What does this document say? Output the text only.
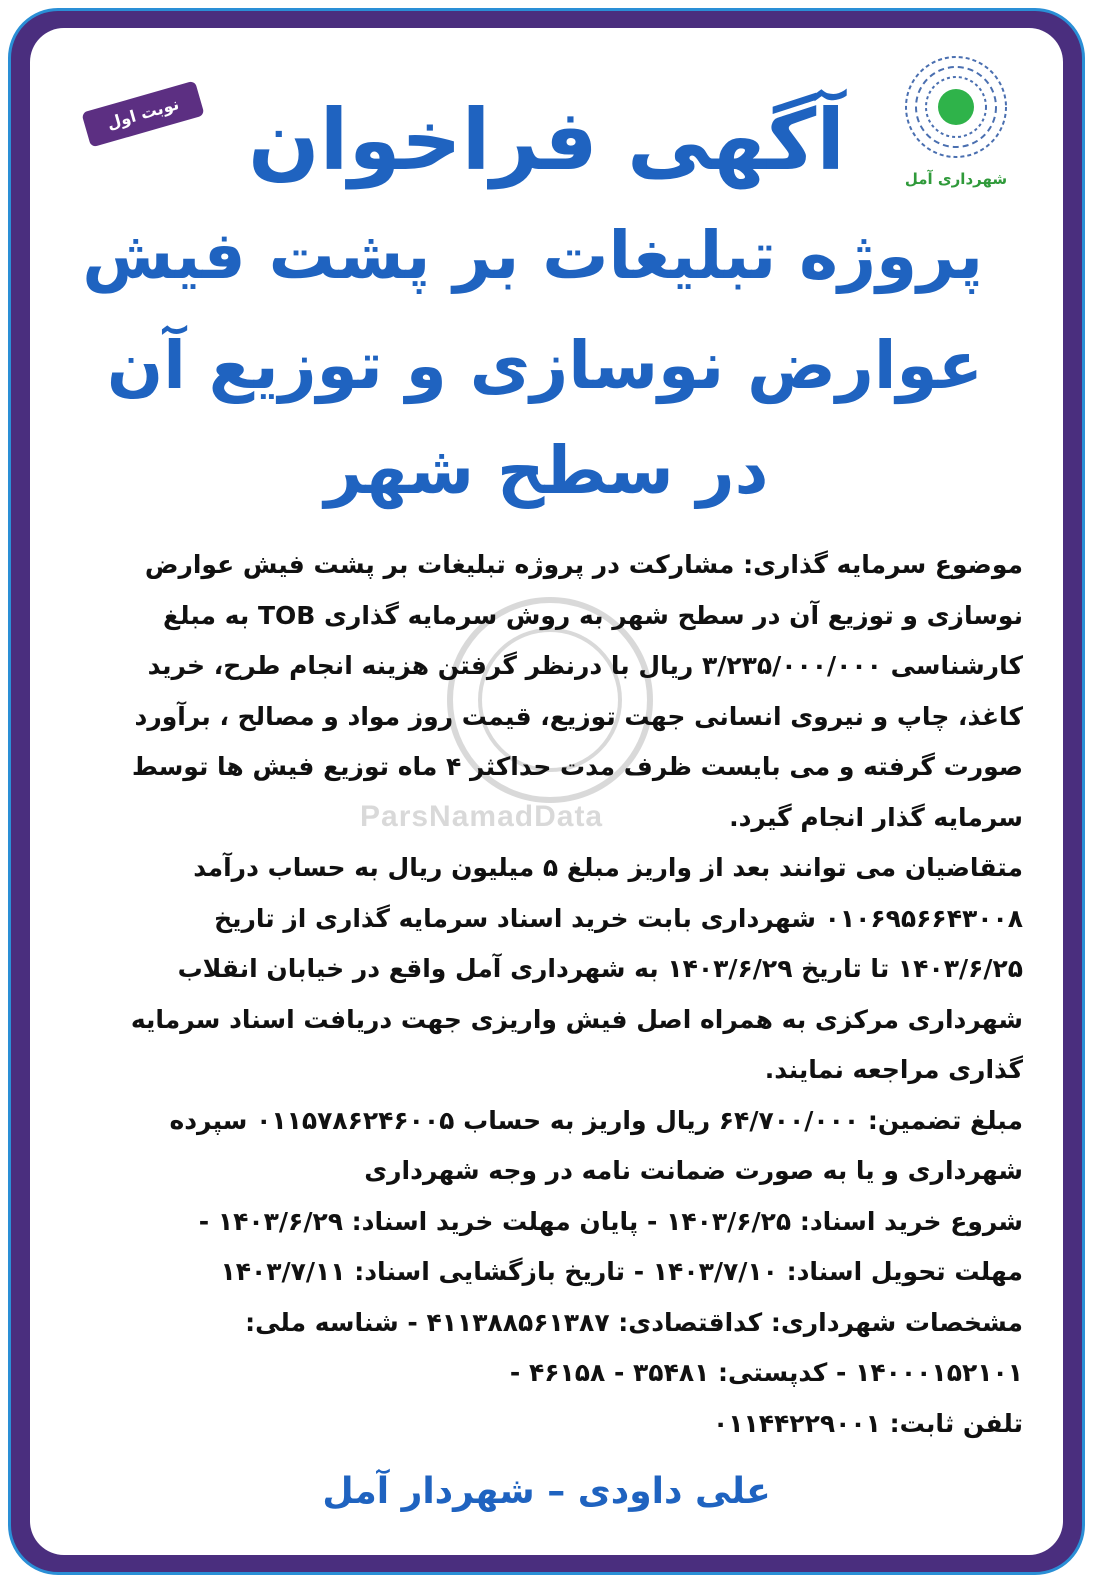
شهرداری آمل
نوبت اول آگهی فراخوان
پروژه تبلیغات بر پشت فیش
عوارض نوسازی و توزیع آن
در سطح شهر
موضوع سرمایه گذاری: مشارکت در پروژه تبلیغات بر پشت فیش عوارض
نوسازی و توزیع آن در سطح شهر به روش سرمایه گذاری TOB به مبلغ
کارشناسی ۳/۲۳۵/۰۰۰/۰۰۰ ریال با درنظر گرفتن هزینه انجام طرح، خرید
کاغذ، چاپ و نیروی انسانی جهت توزیع، قیمت روز مواد و مصالح ، برآورد
صورت گرفته و می بایست ظرف مدت حداکثر ۴ ماه توزیع فیش ها توسط
سرمایه گذار انجام گیرد.
متقاضیان می توانند بعد از واریز مبلغ ۵ میلیون ریال به حساب درآمد
۰۱۰۶۹۵۶۶۴۳۰۰۸ شهرداری بابت خرید اسناد سرمایه گذاری از تاریخ
۱۴۰۳/۶/۲۵ تا تاریخ ۱۴۰۳/۶/۲۹ به شهرداری آمل واقع در خیابان انقلاب
شهرداری مرکزی به همراه اصل فیش واریزی جهت دریافت اسناد سرمایه
گذاری مراجعه نمایند.
مبلغ تضمین: ۶۴/۷۰۰/۰۰۰ ریال واریز به حساب ۰۱۱۵۷۸۶۲۴۶۰۰۵ سپرده
شهرداری و یا به صورت ضمانت نامه در وجه شهرداری
شروع خرید اسناد: ۱۴۰۳/۶/۲۵ - پایان مهلت خرید اسناد: ۱۴۰۳/۶/۲۹ -
مهلت تحویل اسناد: ۱۴۰۳/۷/۱۰ - تاریخ بازگشایی اسناد: ۱۴۰۳/۷/۱۱
مشخصات شهرداری: کداقتصادی: ۴۱۱۳۸۸۵۶۱۳۸۷ - شناسه ملی:
۱۴۰۰۰۱۵۲۱۰۱ - کدپستی: ۳۵۴۸۱ - ۴۶۱۵۸ -
تلفن ثابت: ۰۱۱۴۴۲۲۹۰۰۱
علی داودی – شهردار آمل
